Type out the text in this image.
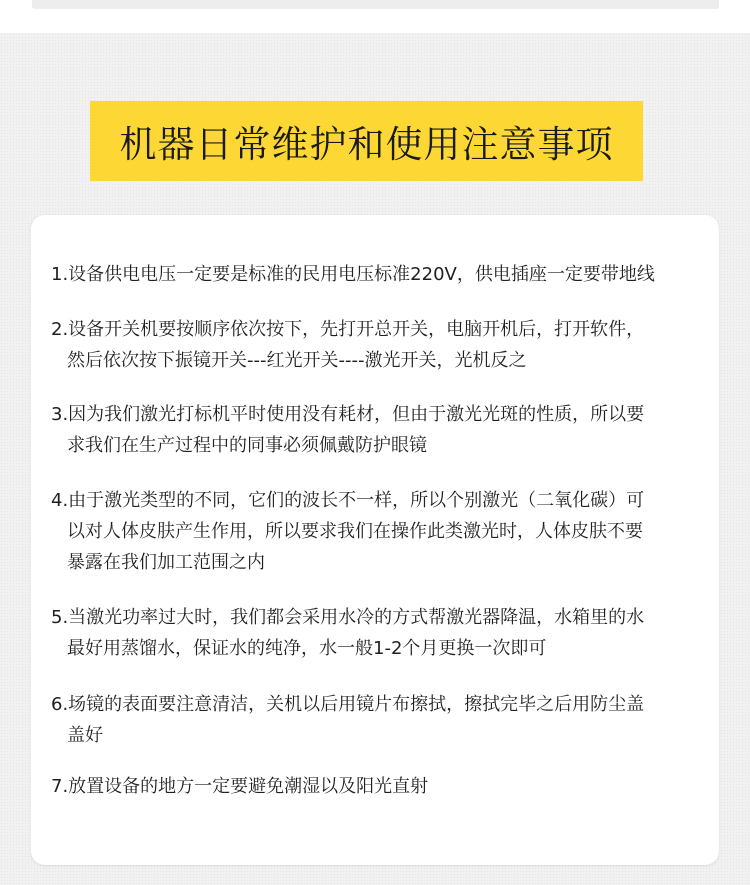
机器日常维护和使用注意事项
1.设备供电电压一定要是标准的民用电压标准220V，供电插座一定要带地线
2.设备开关机要按顺序依次按下，先打开总开关，电脑开机后，打开软件，
然后依次按下振镜开关---红光开关----激光开关，光机反之
3.因为我们激光打标机平时使用没有耗材，但由于激光光斑的性质，所以要
求我们在生产过程中的同事必须佩戴防护眼镜
4.由于激光类型的不同，它们的波长不一样，所以个别激光（二氧化碳）可
以对人体皮肤产生作用，所以要求我们在操作此类激光时，人体皮肤不要
暴露在我们加工范围之内
5.当激光功率过大时，我们都会采用水冷的方式帮激光器降温，水箱里的水
最好用蒸馏水，保证水的纯净，水一般1-2个月更换一次即可
6.场镜的表面要注意清洁，关机以后用镜片布擦拭，擦拭完毕之后用防尘盖
盖好
7.放置设备的地方一定要避免潮湿以及阳光直射
